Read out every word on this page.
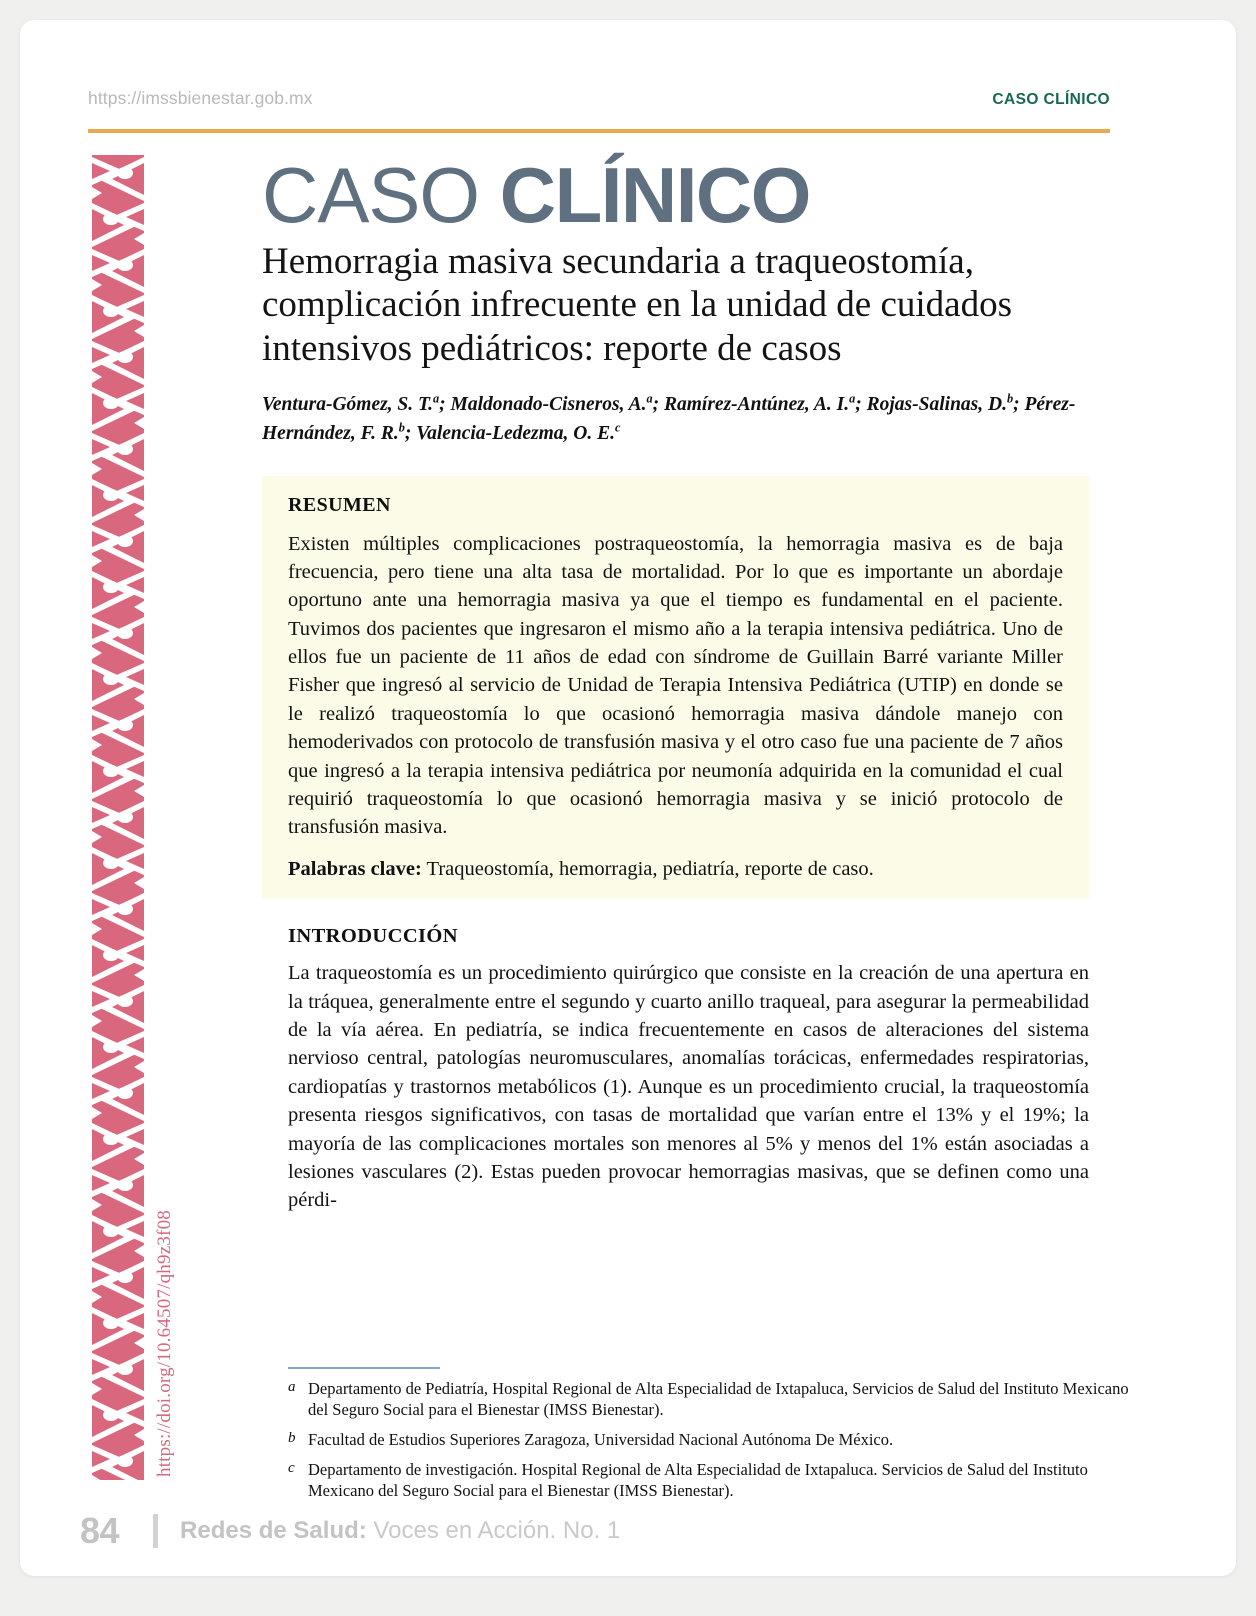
https://imssbienestar.gob.mx	CASO CLÍNICO
https://doi.org/10.64507/qh9z3f08
CASO CLÍNICO
Hemorragia masiva secundaria a traqueostomía, complicación infrecuente en la unidad de cuidados intensivos pediátricos: reporte de casos
Ventura-Gómez, S. T.$^a$; Maldonado-Cisneros, A.$^a$; Ramírez-Antúnez, A. I.$^a$; Rojas-Salinas, D.$^b$; Pérez-Hernández, F. R.$^b$; Valencia-Ledezma, O. E.$^c$
RESUMEN
Existen múltiples complicaciones postraqueostomía, la hemorragia masiva es de baja frecuencia, pero tiene una alta tasa de mortalidad. Por lo que es importante un abordaje oportuno ante una hemorragia masiva ya que el tiempo es fundamental en el paciente. Tuvimos dos pacientes que ingresaron el mismo año a la terapia intensiva pediátrica. Uno de ellos fue un paciente de 11 años de edad con síndrome de Guillain Barré variante Miller Fisher que ingresó al servicio de Unidad de Terapia Intensiva Pediátrica (UTIP) en donde se le realizó traqueostomía lo que ocasionó hemorragia masiva dándole manejo con hemoderivados con protocolo de transfusión masiva y el otro caso fue una paciente de 7 años que ingresó a la terapia intensiva pediátrica por neumonía adquirida en la comunidad el cual requirió traqueostomía lo que ocasionó hemorragia masiva y se inició protocolo de transfusión masiva.
Palabras clave: Traqueostomía, hemorragia, pediatría, reporte de caso.
INTRODUCCIÓN
La traqueostomía es un procedimiento quirúrgico que consiste en la creación de una apertura en la tráquea, generalmente entre el segundo y cuarto anillo traqueal, para asegurar la permeabilidad de la vía aérea. En pediatría, se indica frecuentemente en casos de alteraciones del sistema nervioso central, patologías neuromusculares, anomalías torácicas, enfermedades respiratorias, cardiopatías y trastornos metabólicos (1). Aunque es un procedimiento crucial, la traqueostomía presenta riesgos significativos, con tasas de mortalidad que varían entre el 13% y el 19%; la mayoría de las complicaciones mortales son menores al 5% y menos del 1% están asociadas a lesiones vasculares (2). Estas pueden provocar hemorragias masivas, que se definen como una pérdi-
a Departamento de Pediatría, Hospital Regional de Alta Especialidad de Ixtapaluca, Servicios de Salud del Instituto Mexicano del Seguro Social para el Bienestar (IMSS Bienestar).
b Facultad de Estudios Superiores Zaragoza, Universidad Nacional Autónoma De México.
c Departamento de investigación. Hospital Regional de Alta Especialidad de Ixtapaluca. Servicios de Salud del Instituto Mexicano del Seguro Social para el Bienestar (IMSS Bienestar).
84	Redes de Salud: Voces en Acción. No. 1
